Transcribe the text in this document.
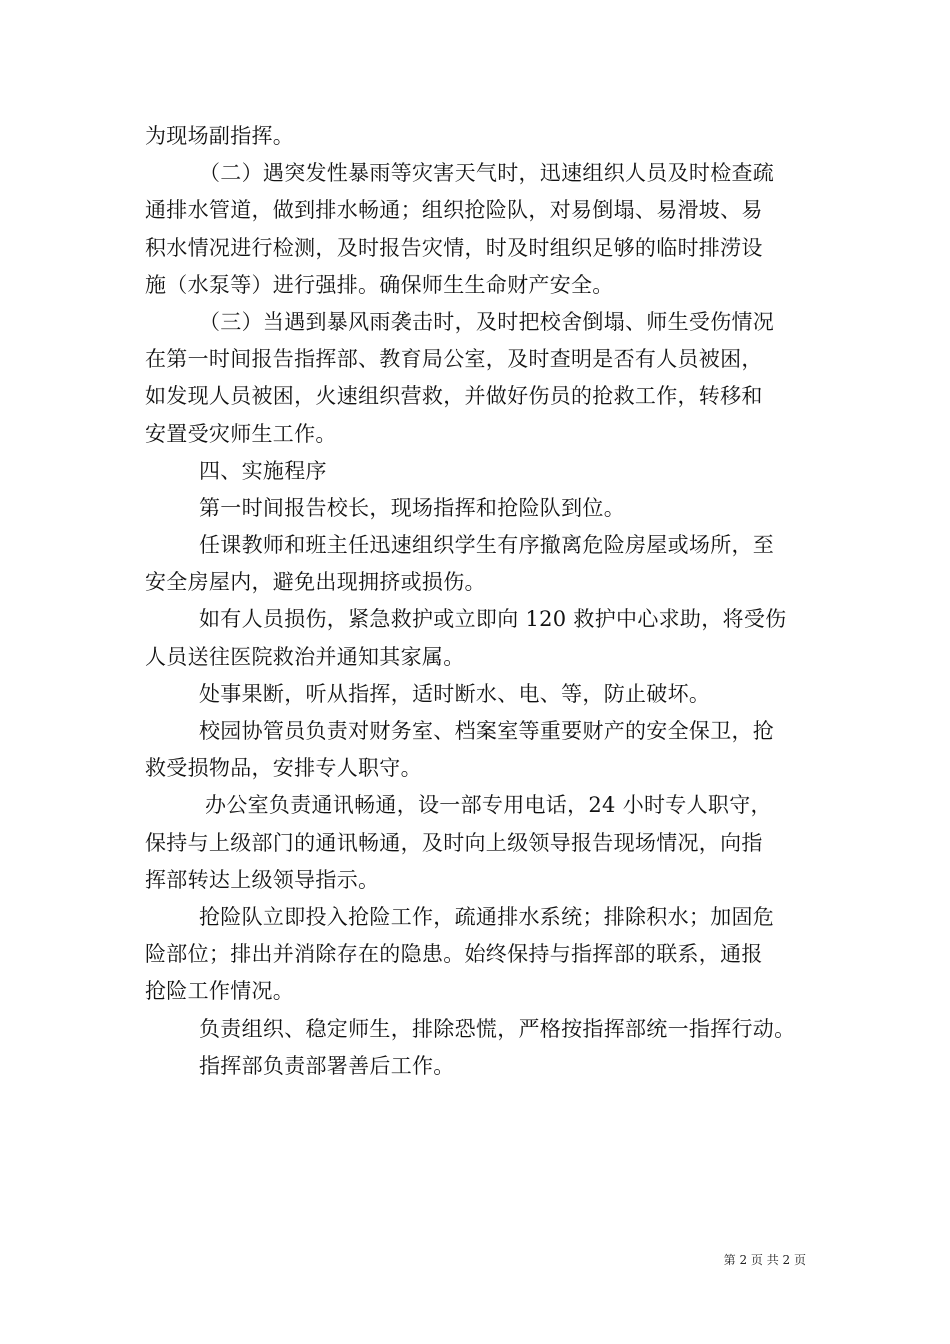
为现场副指挥。
（二）遇突发性暴雨等灾害天气时，迅速组织人员及时检查疏
通排水管道，做到排水畅通；组织抢险队，对易倒塌、易滑坡、易
积水情况进行检测，及时报告灾情，时及时组织足够的临时排涝设
施（水泵等）进行强排。确保师生生命财产安全。
（三）当遇到暴风雨袭击时，及时把校舍倒塌、师生受伤情况
在第一时间报告指挥部、教育局公室，及时查明是否有人员被困，
如发现人员被困，火速组织营救，并做好伤员的抢救工作，转移和
安置受灾师生工作。
四、实施程序
第一时间报告校长，现场指挥和抢险队到位。
任课教师和班主任迅速组织学生有序撤离危险房屋或场所，至
安全房屋内，避免出现拥挤或损伤。
如有人员损伤，紧急救护或立即向 120 救护中心求助，将受伤
人员送往医院救治并通知其家属。
处事果断，听从指挥，适时断水、电、等，防止破坏。
校园协管员负责对财务室、档案室等重要财产的安全保卫，抢
救受损物品，安排专人职守。
办公室负责通讯畅通，设一部专用电话，24 小时专人职守，
保持与上级部门的通讯畅通，及时向上级领导报告现场情况，向指
挥部转达上级领导指示。
抢险队立即投入抢险工作，疏通排水系统；排除积水；加固危
险部位；排出并消除存在的隐患。始终保持与指挥部的联系，通报
抢险工作情况。
负责组织、稳定师生，排除恐慌，严格按指挥部统一指挥行动。
指挥部负责部署善后工作。
第 2 页 共 2 页
